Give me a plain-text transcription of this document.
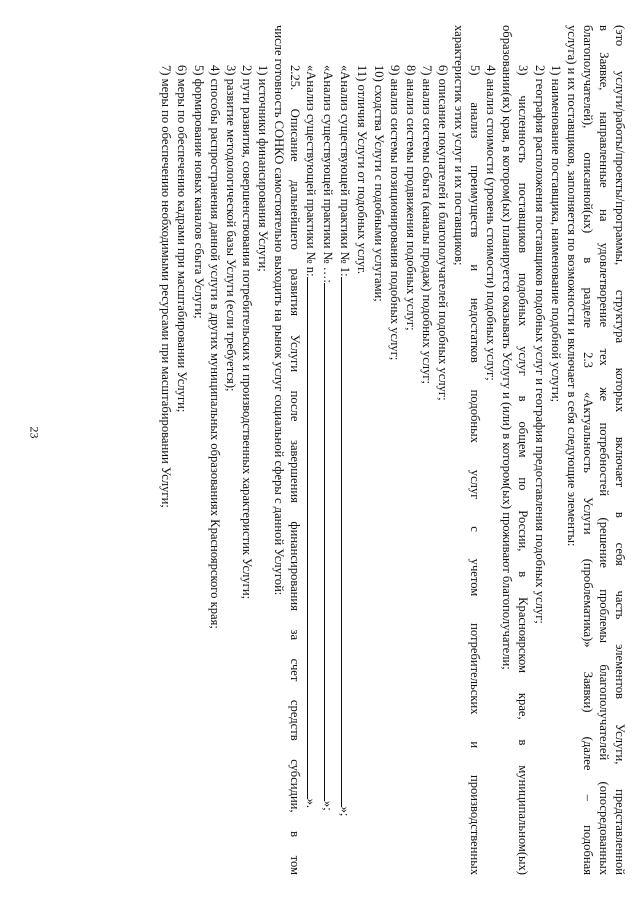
23	(это услуги/работы/проекты/программы, структура которых включает в себя часть элементов Услуги, представленной

в Заявке, направленные на удовлетворение тех же потребностей (решение проблемы благополучателей (опосредованных

благополучателей), описанной(ых) в разделе 2.3 «Актуальность Услуги (проблематика)» Заявки) (далее – подобная

услуга) и их поставщиков, заполняется по возможности и включает в себя следующие элементы:

1) наименование поставщика, наименование подобной услуги;

2) география расположения поставщиков подобных услуг и география предоставления подобных услуг;

3) численность поставщиков подобных услуг в общем по России, в Красноярском крае, в муниципальном(ых)

образовании(ях) края, в котором(ых) планируется оказывать Услугу и (или) в котором(ых) проживают благополучатели;

4) анализ стоимости (уровень стоимости) подобных услуг;

5) анализ преимуществ и недостатков подобных услуг с учетом потребительских и производственных

характеристик этих услуг и их поставщиков;

6) описание покупателей и благополучателей подобных услуг;

7) анализ системы сбыта (каналы продаж) подобных услуг;

8) анализ системы продвижения подобных услуг;

9) анализ системы позиционирования подобных услуг;

10) сходства Услуги с подобными услугами;

11) отличия Услуги от подобных услуг.

«Анализ существующей практики № 1:»;

«Анализ существующей практики № …:»;

«Анализ существующей практики № n:».

2.25. Описание дальнейшего развития Услуги после завершения финансирования за счет средств субсидии, в том

числе готовность СОНКО самостоятельно выходить на рынок услуг социальной сферы с данной Услугой:

1) источники финансирования Услуги;

2) пути развития, совершенствования потребительских и производственных характеристик Услуги;

3) развитие методологической базы Услуги (если требуется);

4) способы распространения данной услуги в других муниципальных образованиях Красноярского края;

5) формирование новых каналов сбыта Услуги;

6) меры по обеспечению кадрами при масштабировании Услуги;

7) меры по обеспечению необходимыми ресурсами при масштабировании Услуги;
